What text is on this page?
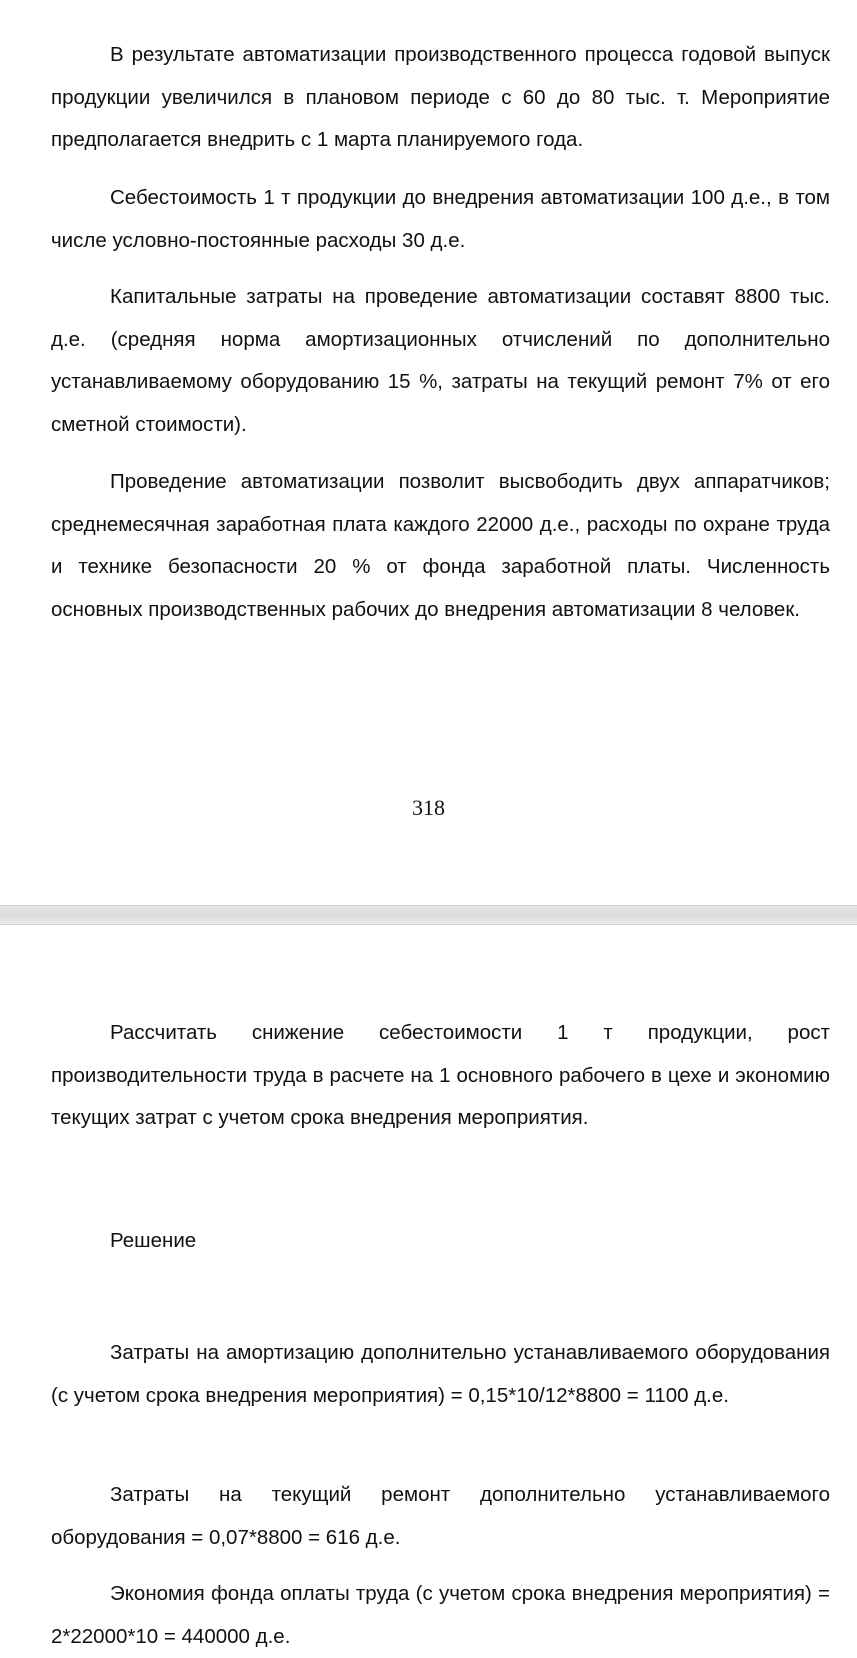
В результате автоматизации производственного процесса годовой выпуск продукции увеличился в плановом периоде с 60 до 80 тыс. т. Мероприятие предполагается внедрить с 1 марта планируемого года.

Себестоимость 1 т продукции до внедрения автоматизации 100 д.е., в том числе условно-постоянные расходы 30 д.е.

Капитальные затраты на проведение автоматизации составят 8800 тыс. д.е. (средняя норма амортизационных отчислений по дополнительно устанавливаемому оборудованию 15 %, затраты на текущий ремонт 7% от его сметной стоимости).

Проведение автоматизации позволит высвободить двух аппаратчиков; среднемесячная заработная плата каждого 22000 д.е., расходы по охране труда и технике безопасности 20 % от фонда заработной платы. Численность основных производственных рабочих до внедрения автоматизации 8 человек.

318

Рассчитать снижение себестоимости 1 т продукции, рост производительности труда в расчете на 1 основного рабочего в цехе и экономию текущих затрат с учетом срока внедрения мероприятия.

Решение

Затраты на амортизацию дополнительно устанавливаемого оборудования (с учетом срока внедрения мероприятия) = 0,15*10/12*8800 = 1100 д.е.

Затраты на текущий ремонт дополнительно устанавливаемого оборудования = 0,07*8800 = 616 д.е.

Экономия фонда оплаты труда (с учетом срока внедрения мероприятия) = 2*22000*10 = 440000 д.е.
